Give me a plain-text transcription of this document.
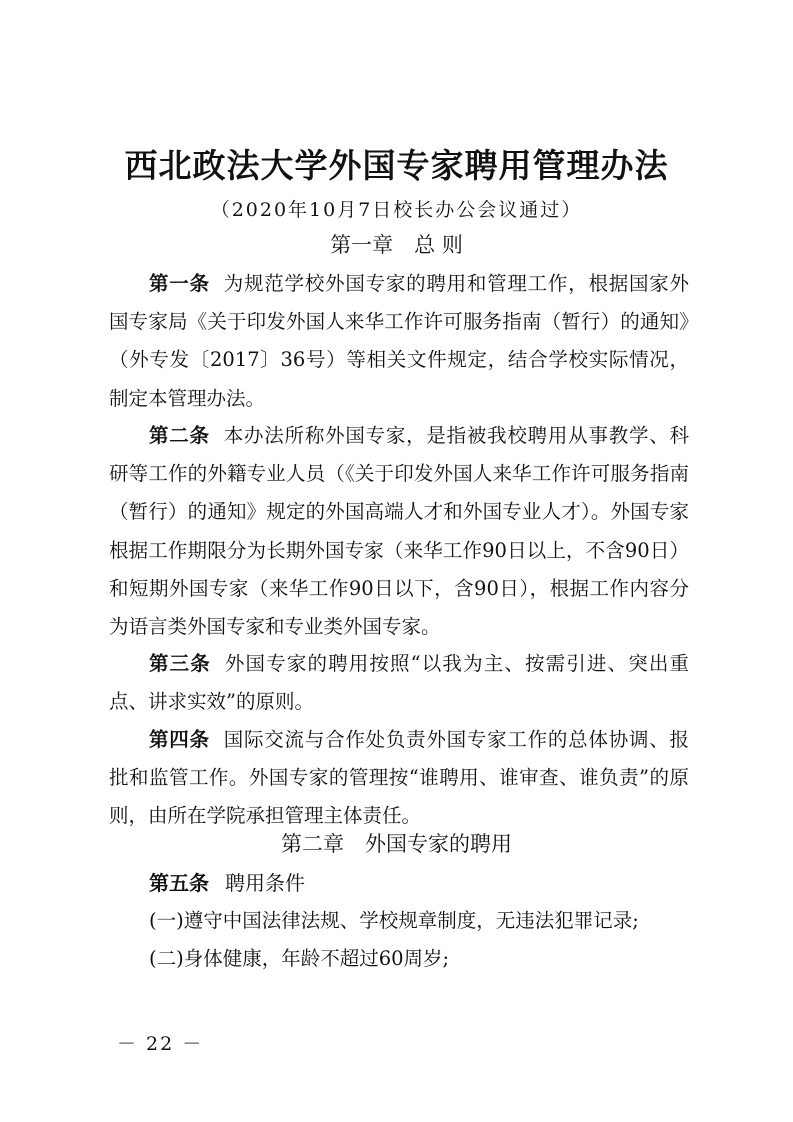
西北政法大学外国专家聘用管理办法
（2020年10月7日校长办公会议通过）
第一章　总 则
第一条 为规范学校外国专家的聘用和管理工作，根据国家外国专家局《关于印发外国人来华工作许可服务指南（暂行）的通知》（外专发〔2017〕36号）等相关文件规定，结合学校实际情况，制定本管理办法。
第二条 本办法所称外国专家，是指被我校聘用从事教学、科研等工作的外籍专业人员（《关于印发外国人来华工作许可服务指南（暂行）的通知》规定的外国高端人才和外国专业人才）。外国专家根据工作期限分为长期外国专家（来华工作90日以上，不含90日）和短期外国专家（来华工作90日以下，含90日），根据工作内容分为语言类外国专家和专业类外国专家。
第三条 外国专家的聘用按照“以我为主、按需引进、突出重点、讲求实效”的原则。
第四条 国际交流与合作处负责外国专家工作的总体协调、报批和监管工作。外国专家的管理按“谁聘用、谁审查、谁负责”的原则，由所在学院承担管理主体责任。
第二章　外国专家的聘用
第五条 聘用条件
(一)遵守中国法律法规、学校规章制度，无违法犯罪记录;
(二)身体健康，年龄不超过60周岁;
－ 22 －
